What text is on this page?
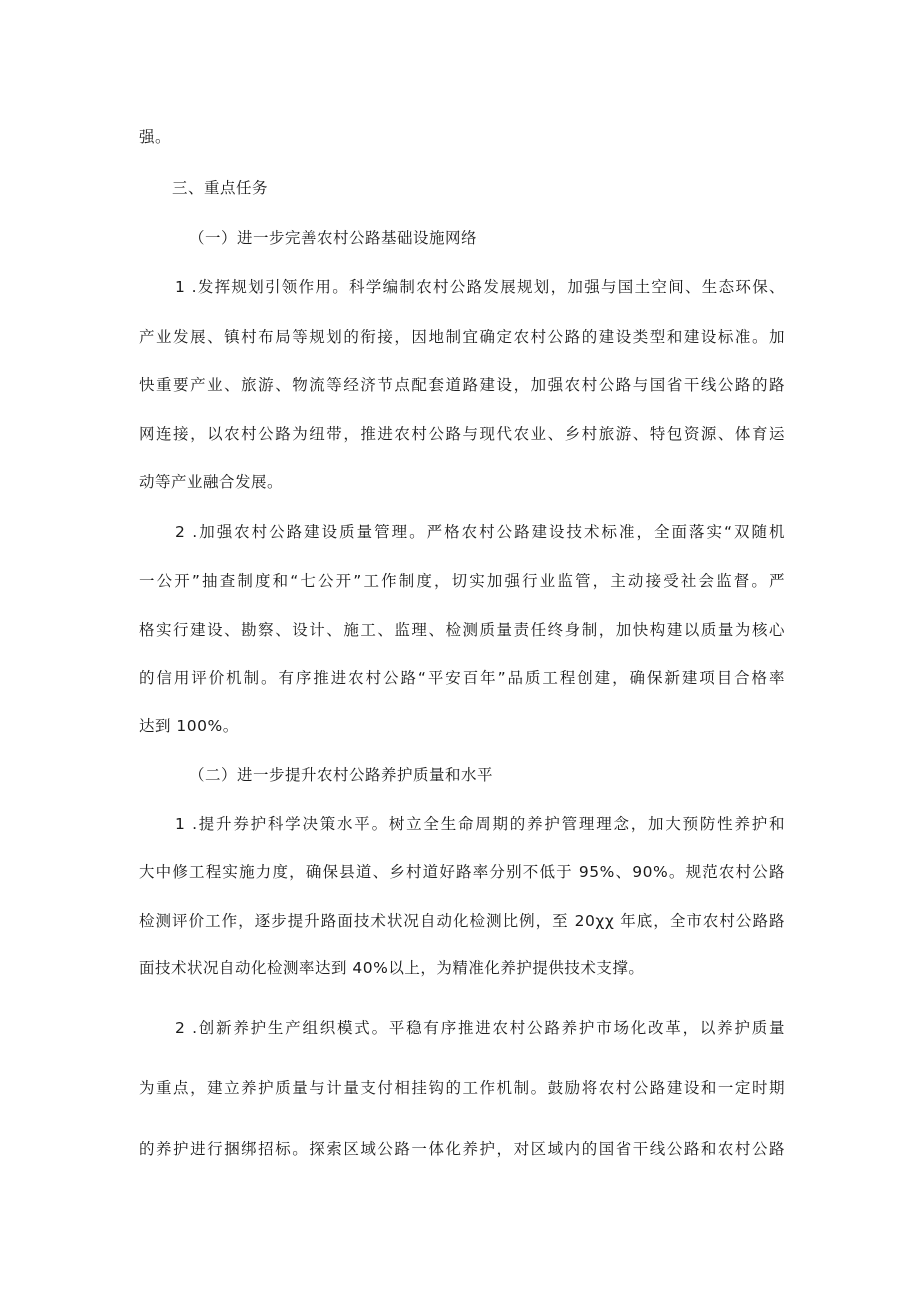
强。
三、重点任务
（一）进一步完善农村公路基础设施网络
1 .发挥规划引领作用。科学编制农村公路发展规划，加强与国土空间、生态环保、
产业发展、镇村布局等规划的衔接，因地制宜确定农村公路的建设类型和建设标准。加
快重要产业、旅游、物流等经济节点配套道路建设，加强农村公路与国省干线公路的路
网连接，以农村公路为纽带，推进农村公路与现代农业、乡村旅游、特包资源、体育运
动等产业融合发展。
2 .加强农村公路建设质量管理。严格农村公路建设技术标准，全面落实“双随机
一公开”抽查制度和“七公开”工作制度，切实加强行业监管，主动接受社会监督。严
格实行建设、勘察、设计、施工、监理、检测质量责任终身制，加快构建以质量为核心
的信用评价机制。有序推进农村公路“平安百年”品质工程创建，确保新建项目合格率
达到 100%。
（二）进一步提升农村公路养护质量和水平
1 .提升券护科学决策水平。树立全生命周期的养护管理理念，加大预防性养护和
大中修工程实施力度，确保县道、乡村道好路率分别不低于 95%、90%。规范农村公路
检测评价工作，逐步提升路面技术状况自动化检测比例，至 20χχ 年底，全市农村公路路
面技术状况自动化检测率达到 40%以上，为精准化养护提供技术支撑。
2 .创新养护生产组织模式。平稳有序推进农村公路养护市场化改革，以养护质量
为重点，建立养护质量与计量支付相挂钩的工作机制。鼓励将农村公路建设和一定时期
的养护进行捆绑招标。探索区域公路一体化养护，对区域内的国省干线公路和农村公路
